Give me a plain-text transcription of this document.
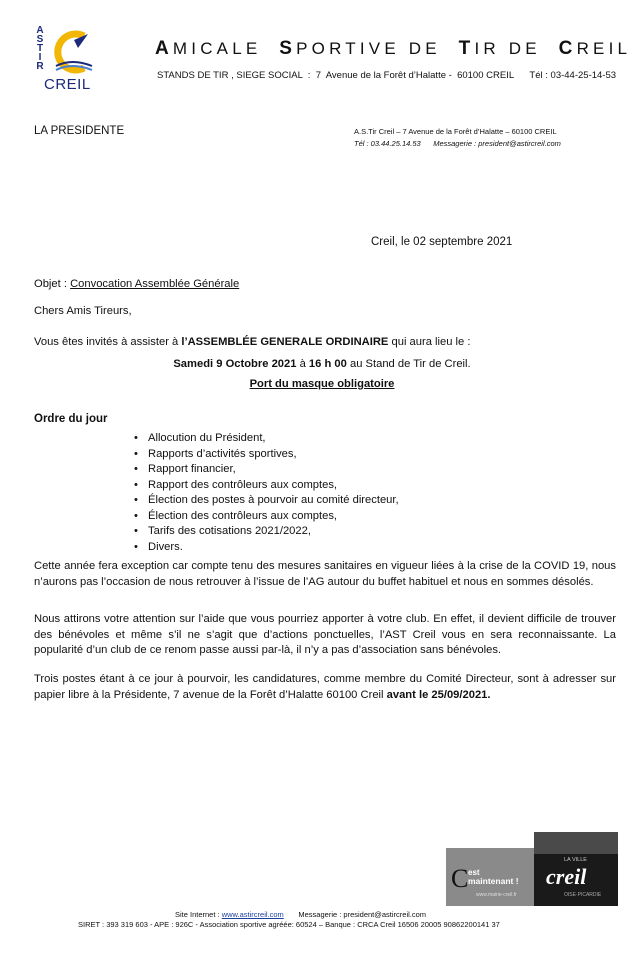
A
S
T
I
R
CREIL
AMICALE  SPORTIVE DE  TIR DE  CREIL
STANDS DE TIR , SIEGE SOCIAL  :  7  Avenue de la Forêt d’Halatte -  60100 CREIL      Tél : 03-44-25-14-53
LA PRESIDENTE	A.S.Tir Creil – 7 Avenue de la Forêt d’Halatte – 60100 CREIL
Tél : 03.44.25.14.53      Messagerie : president@astircreil.com
Creil, le 02 septembre 2021
Objet : Convocation Assemblée Générale
Chers Amis Tireurs,
Vous êtes invités à assister à l’ASSEMBLÉE GENERALE ORDINAIRE qui aura lieu le :
Samedi 9 Octobre 2021 à 16 h 00 au Stand de Tir de Creil.
Port du masque obligatoire
Ordre du jour
• Allocution du Président,
• Rapports d’activités sportives,
• Rapport financier,
• Rapport des contrôleurs aux comptes,
• Élection des postes à pourvoir au comité directeur,
• Élection des contrôleurs aux comptes,
• Tarifs des cotisations 2021/2022,
• Divers.
Cette année fera exception car compte tenu des mesures sanitaires en vigueur liées à la crise de la COVID 19, nous n’aurons pas l’occasion de nous retrouver à l’issue de l’AG autour du buffet habituel et nous en sommes désolés.
Nous attirons votre attention sur l’aide que vous pourriez apporter à votre club. En effet, il devient difficile de trouver des bénévoles et même s’il ne s’agit que d’actions ponctuelles, l’AST Creil vous en sera reconnaissante. La popularité d’un club de ce renom passe aussi par-là, il n’y a pas d’association sans bénévoles.
Trois postes étant à ce jour à pourvoir, les candidatures, comme membre du Comité Directeur, sont à adresser sur papier libre à la Présidente, 7 avenue de la Forêt d’Halatte 60100 Creil avant le 25/09/2021.
C est
maintenant !
www.mairie-creil.fr
LA VILLE
creil
OISE·PICARDIE
Site Internet : www.astircreil.com       Messagerie : president@astircreil.com
SIRET : 393 319 603 - APE : 926C - Association sportive agréée: 60524 – Banque : CRCA Creil 16506 20005 90862200141 37
